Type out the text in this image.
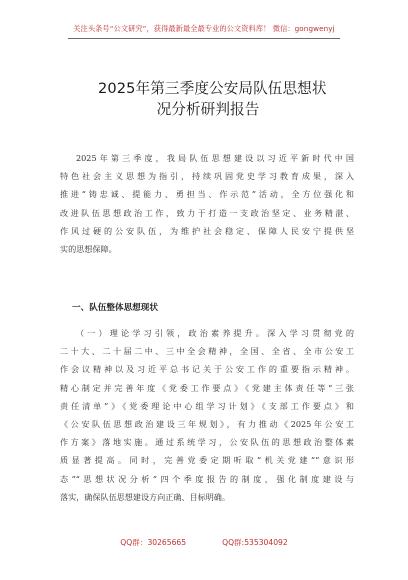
关注头条号“公文研究”，获得最新最全最专业的公文资料库！ 微信：gongwenyj
2025年第三季度公安局队伍思想状
况分析研判报告
2025年第三季度，我局队伍思想建设以习近平新时代中国
特色社会主义思想为指引，持续巩固党史学习教育成果，深入
推进“铸忠诚、提能力、勇担当、作示范”活动，全方位强化和
改进队伍思想政治工作，致力于打造一支政治坚定、业务精湛、
作风过硬的公安队伍，为维护社会稳定、保障人民安宁提供坚
实的思想保障。
一、队伍整体思想现状
（一）理论学习引领，政治素养提升。深入学习贯彻党的
二十大、二十届二中、三中全会精神，全国、全省、全市公安工
作会议精神以及习近平总书记关于公安工作的重要指示精神。
精心制定并完善年度《党委工作要点》《党建主体责任等“三张
责任清单”》《党委理论中心组学习计划》《支部工作要点》和
《公安队伍思想政治建设三年规划》，有力推动《2025年公安工
作方案》落地实施。通过系统学习，公安队伍的思想政治整体素
质显著提高。同时，完善党委定期听取“机关党建”“意识形
态”“思想状况分析”四个季度报告的制度，强化制度建设与
落实，确保队伍思想建设方向正确、目标明确。
QQ群：30265665	QQ群:535304092
